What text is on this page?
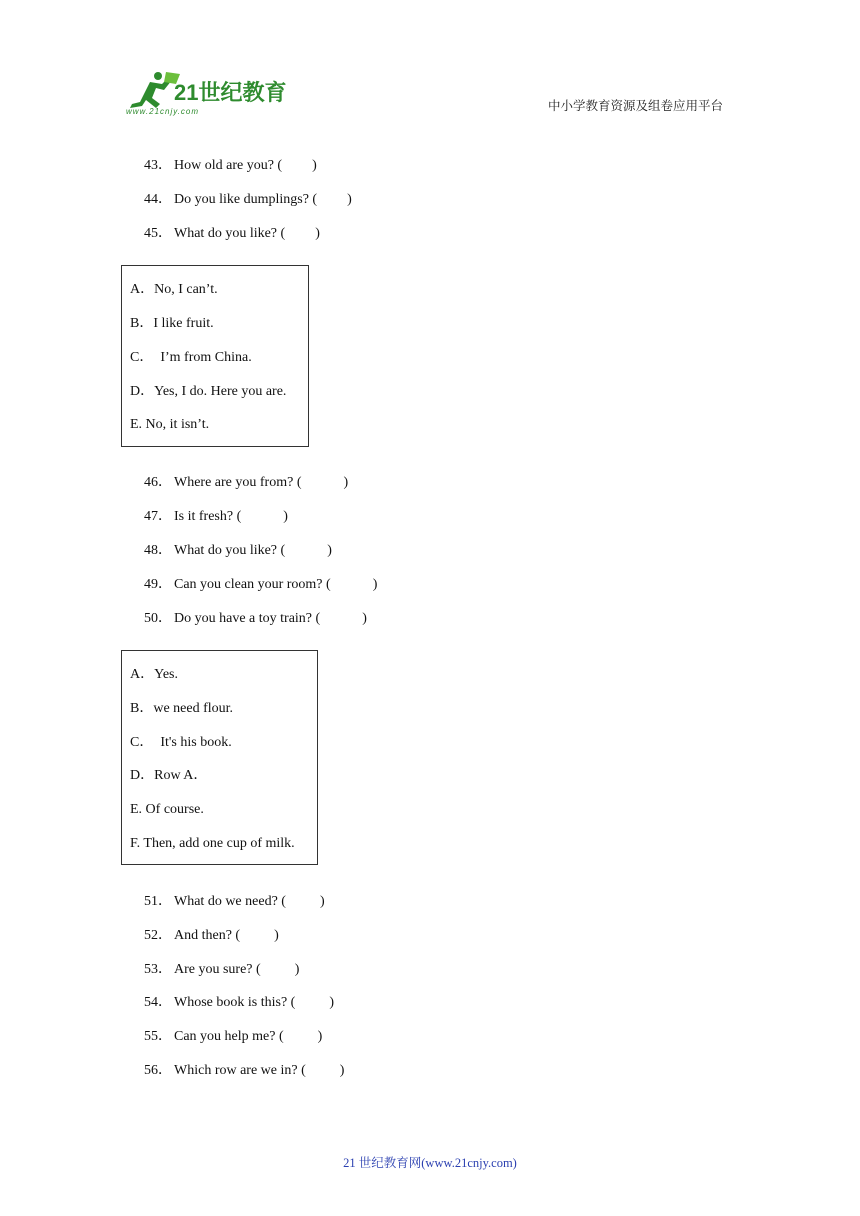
21世纪教育
www.21cnjy.com	中小学教育资源及组卷应用平台

43． How old are you? ( )

44． Do you like dumplings? ( )

45． What do you like? ( )

A．No, I can’t.
B．I like fruit.
C．  I’m from China.
D．Yes, I do. Here you are.
E. No, it isn’t.

46． Where are you from? (	)

47． Is it fresh? (	)

48． What do you like? (	)

49． Can you clean your room? (	)

50． Do you have a toy train? (	)

A．Yes.
B．we need flour.
C．  It's his book.
D．Row A．
E. Of course.
F. Then, add one cup of milk.

51． What do we need? ( )

52． And then? ( )

53． Are you sure? ( )

54． Whose book is this? ( )

55． Can you help me? ( )

56． Which row are we in? ( )

21 世纪教育网(www.21cnjy.com)
